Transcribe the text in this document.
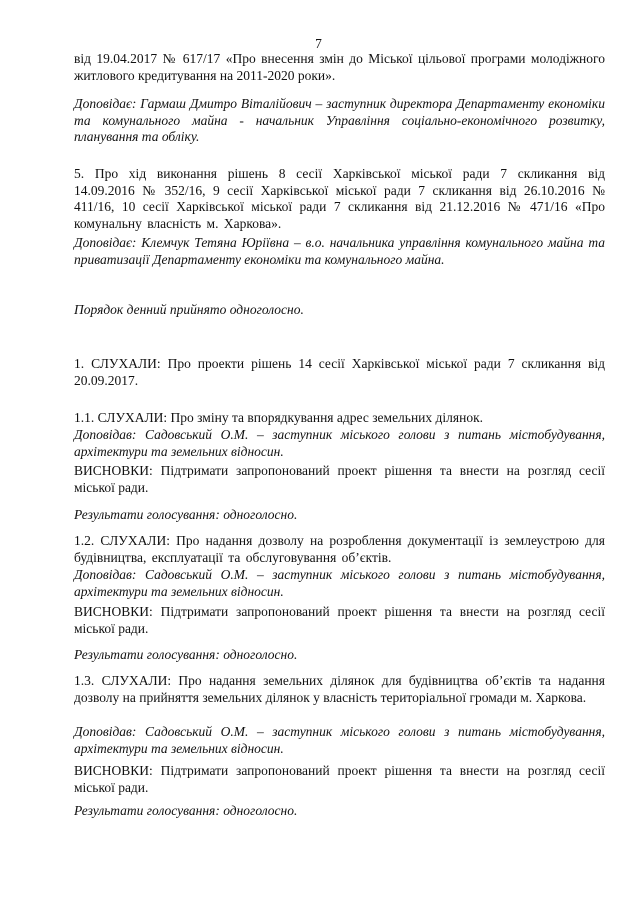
7
від 19.04.2017 № 617/17 «Про внесення змін до Міської цільової програми молодіжного житлового кредитування на 2011-2020 роки».
Доповідає: Гармаш Дмитро Віталійович – заступник директора Департаменту економіки та комунального майна - начальник Управління соціально-економічного розвитку, планування та обліку.
5. Про хід виконання рішень 8 сесії Харківської міської ради 7 скликання від 14.09.2016 № 352/16, 9 сесії Харківської міської ради 7 скликання від 26.10.2016 № 411/16, 10 сесії Харківської міської ради 7 скликання від 21.12.2016 № 471/16 «Про комунальну власність м. Харкова».
Доповідає: Клемчук Тетяна Юріївна – в.о. начальника управління комунального майна та приватизації Департаменту економіки та комунального майна.
Порядок денний прийнято одноголосно.
1. СЛУХАЛИ: Про проекти рішень 14 сесії Харківської міської ради 7 скликання від 20.09.2017.
1.1. СЛУХАЛИ: Про зміну та впорядкування адрес земельних ділянок.
Доповідав: Садовський О.М. – заступник міського голови з питань містобудування, архітектури та земельних відносин.
ВИСНОВКИ: Підтримати запропонований проект рішення та внести на розгляд сесії міської ради.
Результати голосування: одноголосно.
1.2. СЛУХАЛИ: Про надання дозволу на розроблення документації із землеустрою для будівництва, експлуатації та обслуговування об’єктів.
Доповідав: Садовський О.М. – заступник міського голови з питань містобудування, архітектури та земельних відносин.
ВИСНОВКИ: Підтримати запропонований проект рішення та внести на розгляд сесії міської ради.
Результати голосування: одноголосно.
1.3. СЛУХАЛИ: Про надання земельних ділянок для будівництва об’єктів та надання дозволу на прийняття земельних ділянок у власність територіальної громади м. Харкова.
Доповідав: Садовський О.М. – заступник міського голови з питань містобудування, архітектури та земельних відносин.
ВИСНОВКИ: Підтримати запропонований проект рішення та внести на розгляд сесії міської ради.
Результати голосування: одноголосно.
